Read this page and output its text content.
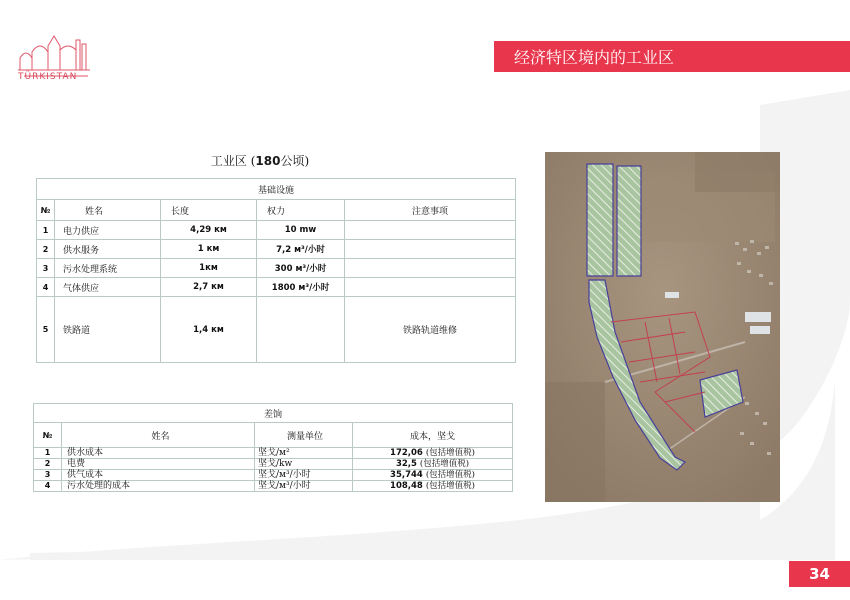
TÜRKISTAN
经济特区境内的工业区
工业区 (180公顷)
基础设施				
№	姓名	长度	权力	注意事项
1	电力供应	4,29 км	10 mw	
2	供水服务	1 км	7,2 м³/小时	
3	污水处理系统	1км	300 м³/小时	
4	气体供应	2,7 км	1800 м³/小时	
5	铁路道	1,4 км		铁路轨道维修
差饷			
№	姓名	测量单位	成本，坚戈
1	供水成本	坚戈/м²	172,06 (包括增值税)
2	电费	坚戈/kw	32,5 (包括增值税)
3	供气成本	坚戈/м³/小时	35,744 (包括增值税)
4	污水处理的成本	坚戈/м³/小时	108,48 (包括增值税)
34
